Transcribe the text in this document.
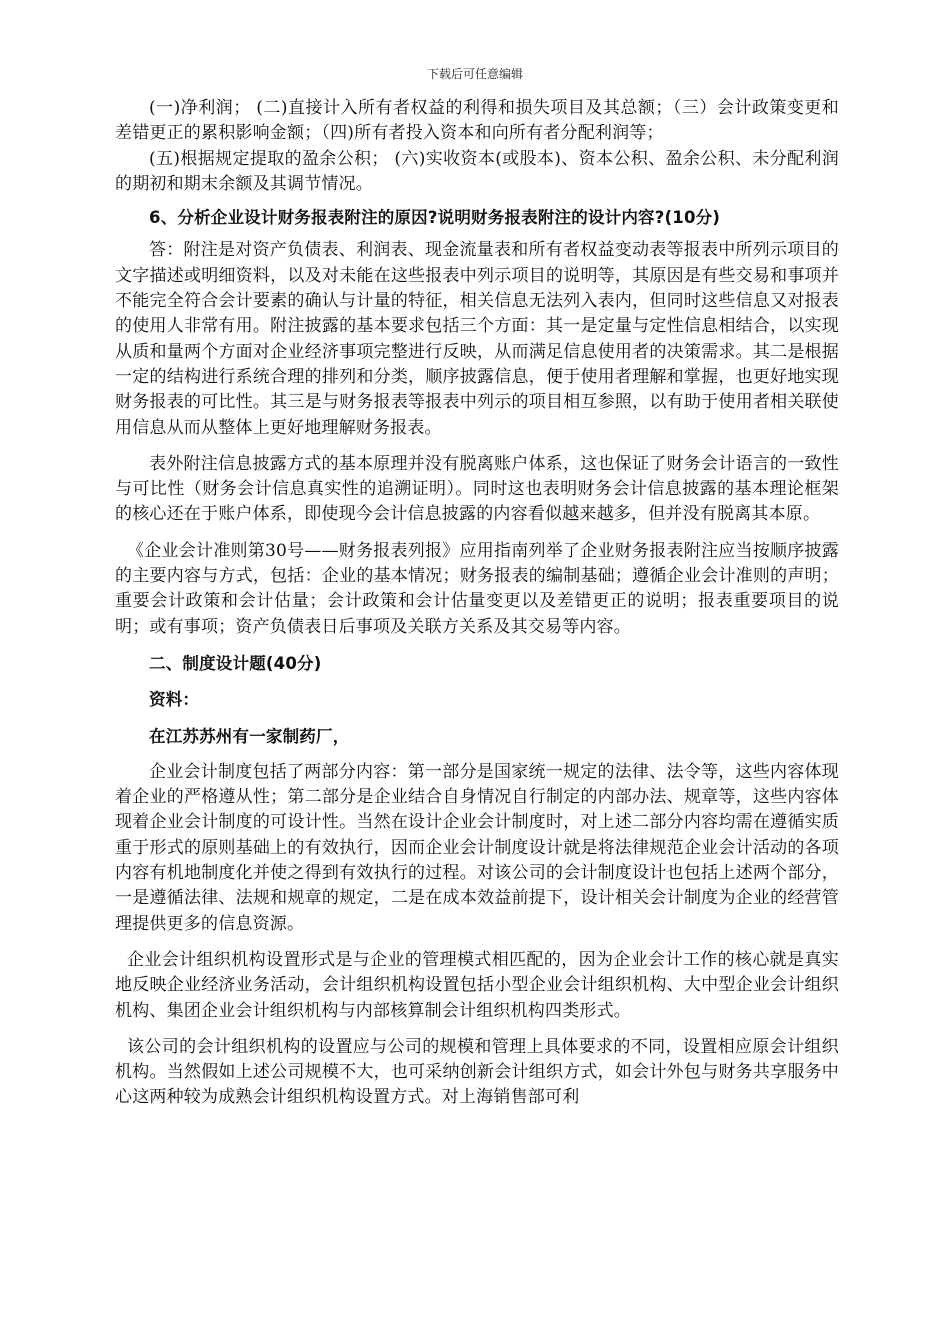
下载后可任意编辑

(一)净利润； (二)直接计入所有者权益的利得和损失项目及其总额；（三）会计政策变更和差错更正的累积影响金额；（四)所有者投入资本和向所有者分配利润等；

(五)根据规定提取的盈余公积； (六)实收资本(或股本)、资本公积、盈余公积、未分配利润的期初和期末余额及其调节情况。

6、分析企业设计财务报表附注的原因?说明财务报表附注的设计内容?(10分)

答：附注是对资产负债表、利润表、现金流量表和所有者权益变动表等报表中所列示项目的文字描述或明细资料，以及对未能在这些报表中列示项目的说明等，其原因是有些交易和事项并不能完全符合会计要素的确认与计量的特征，相关信息无法列入表内，但同时这些信息又对报表的使用人非常有用。附注披露的基本要求包括三个方面：其一是定量与定性信息相结合，以实现从质和量两个方面对企业经济事项完整进行反映，从而满足信息使用者的决策需求。其二是根据一定的结构进行系统合理的排列和分类，顺序披露信息，便于使用者理解和掌握，也更好地实现财务报表的可比性。其三是与财务报表等报表中列示的项目相互参照，以有助于使用者相关联使用信息从而从整体上更好地理解财务报表。

表外附注信息披露方式的基本原理并没有脱离账户体系，这也保证了财务会计语言的一致性与可比性（财务会计信息真实性的追溯证明）。同时这也表明财务会计信息披露的基本理论框架的核心还在于账户体系，即使现今会计信息披露的内容看似越来越多，但并没有脱离其本原。

《企业会计准则第30号——财务报表列报》应用指南列举了企业财务报表附注应当按顺序披露的主要内容与方式，包括：企业的基本情况；财务报表的编制基础；遵循企业会计准则的声明；重要会计政策和会计估量；会计政策和会计估量变更以及差错更正的说明；报表重要项目的说明；或有事项；资产负债表日后事项及关联方关系及其交易等内容。

二、制度设计题(40分)

资料：

在江苏苏州有一家制药厂，

企业会计制度包括了两部分内容：第一部分是国家统一规定的法律、法令等，这些内容体现着企业的严格遵从性；第二部分是企业结合自身情况自行制定的内部办法、规章等，这些内容体现着企业会计制度的可设计性。当然在设计企业会计制度时，对上述二部分内容均需在遵循实质重于形式的原则基础上的有效执行，因而企业会计制度设计就是将法律规范企业会计活动的各项内容有机地制度化并使之得到有效执行的过程。对该公司的会计制度设计也包括上述两个部分，一是遵循法律、法规和规章的规定，二是在成本效益前提下，设计相关会计制度为企业的经营管理提供更多的信息资源。

企业会计组织机构设置形式是与企业的管理模式相匹配的，因为企业会计工作的核心就是真实地反映企业经济业务活动，会计组织机构设置包括小型企业会计组织机构、大中型企业会计组织机构、集团企业会计组织机构与内部核算制会计组织机构四类形式。

该公司的会计组织机构的设置应与公司的规模和管理上具体要求的不同，设置相应原会计组织机构。当然假如上述公司规模不大，也可采纳创新会计组织方式，如会计外包与财务共享服务中心这两种较为成熟会计组织机构设置方式。对上海销售部可利
